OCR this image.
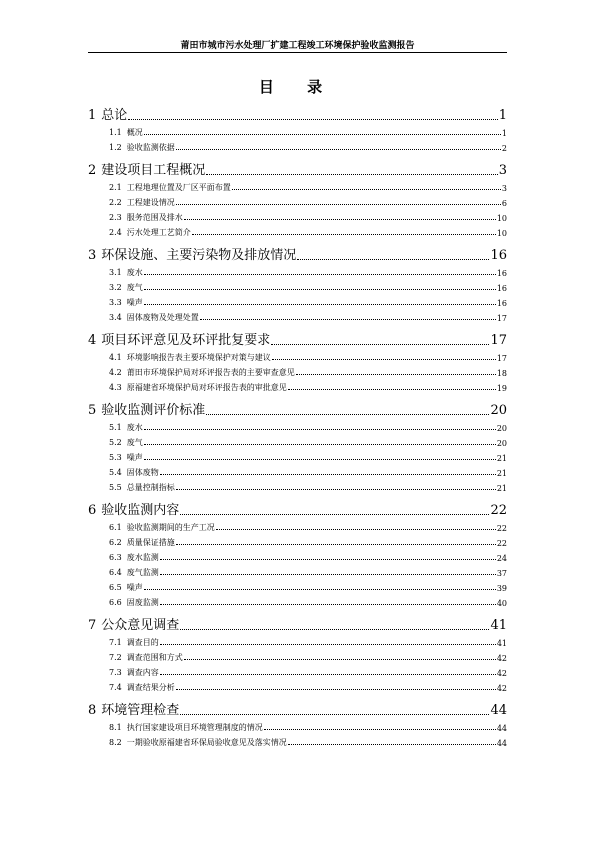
莆田市城市污水处理厂扩建工程竣工环境保护验收监测报告
目 录
1 总论	1
1.1 概况	1
1.2 验收监测依据	2
2 建设项目工程概况	3
2.1 工程地理位置及厂区平面布置	3
2.2 工程建设情况	6
2.3 服务范围及排水	10
2.4 污水处理工艺简介	10
3 环保设施、主要污染物及排放情况	16
3.1 废水	16
3.2 废气	16
3.3 噪声	16
3.4 固体废物及处理处置	17
4 项目环评意见及环评批复要求	17
4.1 环境影响报告表主要环境保护对策与建议	17
4.2 莆田市环境保护局对环评报告表的主要审查意见	18
4.3 原福建省环境保护局对环评报告表的审批意见	19
5 验收监测评价标准	20
5.1 废水	20
5.2 废气	20
5.3 噪声	21
5.4 固体废物	21
5.5 总量控制指标	21
6 验收监测内容	22
6.1 验收监测期间的生产工况	22
6.2 质量保证措施	22
6.3 废水监测	24
6.4 废气监测	37
6.5 噪声	39
6.6 固废监测	40
7 公众意见调查	41
7.1 调查目的	41
7.2 调查范围和方式	42
7.3 调查内容	42
7.4 调查结果分析	42
8 环境管理检查	44
8.1 执行国家建设项目环境管理制度的情况	44
8.2 一期验收原福建省环保局验收意见及落实情况	44
